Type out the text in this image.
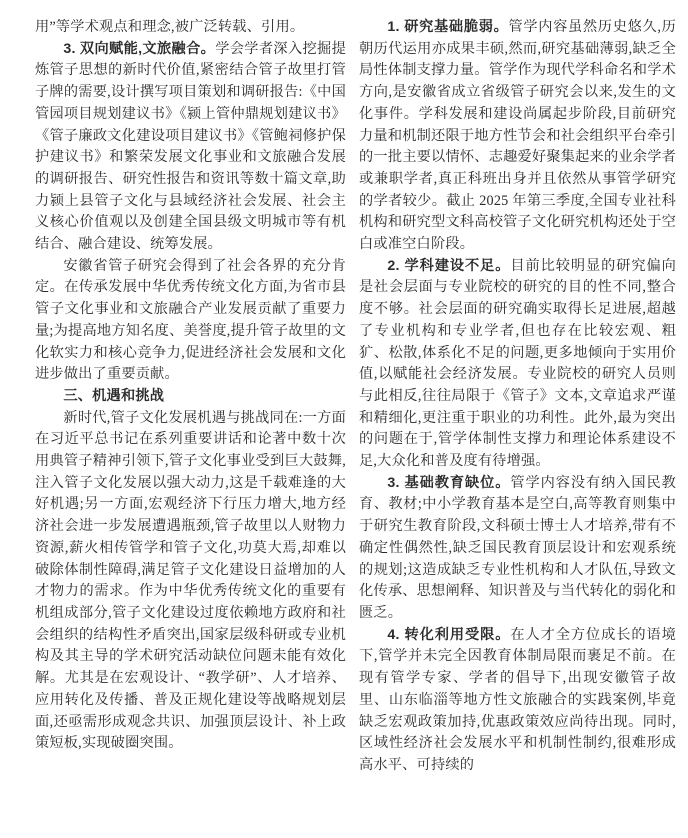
用”等学术观点和理念,被广泛转载、引用。

3. 双向赋能,文旅融合。学会学者深入挖掘提炼管子思想的新时代价值,紧密结合管子故里打管子牌的需要,设计撰写项目策划和调研报告:《中国管园项目规划建议书》《颍上管仲鼎规划建议书》《管子廉政文化建设项目建议书》《管鲍祠修护保护建议书》和繁荣发展文化事业和文旅融合发展的调研报告、研究性报告和资讯等数十篇文章,助力颍上县管子文化与县域经济社会发展、社会主义核心价值观以及创建全国县级文明城市等有机结合、融合建设、统筹发展。

安徽省管子研究会得到了社会各界的充分肯定。在传承发展中华优秀传统文化方面,为省市县管子文化事业和文旅融合产业发展贡献了重要力量;为提高地方知名度、美誉度,提升管子故里的文化软实力和核心竞争力,促进经济社会发展和文化进步做出了重要贡献。

三、机遇和挑战

新时代,管子文化发展机遇与挑战同在:一方面在习近平总书记在系列重要讲话和论著中数十次用典管子精神引领下,管子文化事业受到巨大鼓舞,注入管子文化发展以强大动力,这是千载难逢的大好机遇;另一方面,宏观经济下行压力增大,地方经济社会进一步发展遭遇瓶颈,管子故里以人财物力资源,薪火相传管学和管子文化,功莫大焉,却难以破除体制性障碍,满足管子文化建设日益增加的人才物力的需求。作为中华优秀传统文化的重要有机组成部分,管子文化建设过度依赖地方政府和社会组织的结构性矛盾突出,国家层级科研或专业机构及其主导的学术研究活动缺位问题未能有效化解。尤其是在宏观设计、“教学研”、人才培养、应用转化及传播、普及正规化建设等战略规划层面,还亟需形成观念共识、加强顶层设计、补上政策短板,实现破圈突围。

1. 研究基础脆弱。管学内容虽然历史悠久,历朝历代运用亦成果丰硕,然而,研究基础薄弱,缺乏全局性体制支撑力量。管学作为现代学科命名和学术方向,是安徽省成立省级管子研究会以来,发生的文化事件。学科发展和建设尚属起步阶段,目前研究力量和机制还限于地方性节会和社会组织平台牵引的一批主要以情怀、志趣爱好聚集起来的业余学者或兼职学者,真正科班出身并且依然从事管学研究的学者较少。截止 2025 年第三季度,全国专业社科机构和研究型文科高校管子文化研究机构还处于空白或准空白阶段。

2. 学科建设不足。目前比较明显的研究偏向是社会层面与专业院校的研究的目的性不同,整合度不够。社会层面的研究确实取得长足进展,超越了专业机构和专业学者,但也存在比较宏观、粗犷、松散,体系化不足的问题,更多地倾向于实用价值,以赋能社会经济发展。专业院校的研究人员则与此相反,往往局限于《管子》文本,文章追求严谨和精细化,更注重于职业的功利性。此外,最为突出的问题在于,管学体制性支撑力和理论体系建设不足,大众化和普及度有待增强。

3. 基础教育缺位。管学内容没有纳入国民教育、教材;中小学教育基本是空白,高等教育则集中于研究生教育阶段,文科硕士博士人才培养,带有不确定性偶然性,缺乏国民教育顶层设计和宏观系统的规划;这造成缺乏专业性机构和人才队伍,导致文化传承、思想阐释、知识普及与当代转化的弱化和匮乏。

4. 转化利用受限。在人才全方位成长的语境下,管学并未完全因教育体制局限而裹足不前。在现有管学专家、学者的倡导下,出现安徽管子故里、山东临淄等地方性文旅融合的实践案例,毕竟缺乏宏观政策加持,优惠政策效应尚待出现。同时,区域性经济社会发展水平和机制性制约,很难形成高水平、可持续的
